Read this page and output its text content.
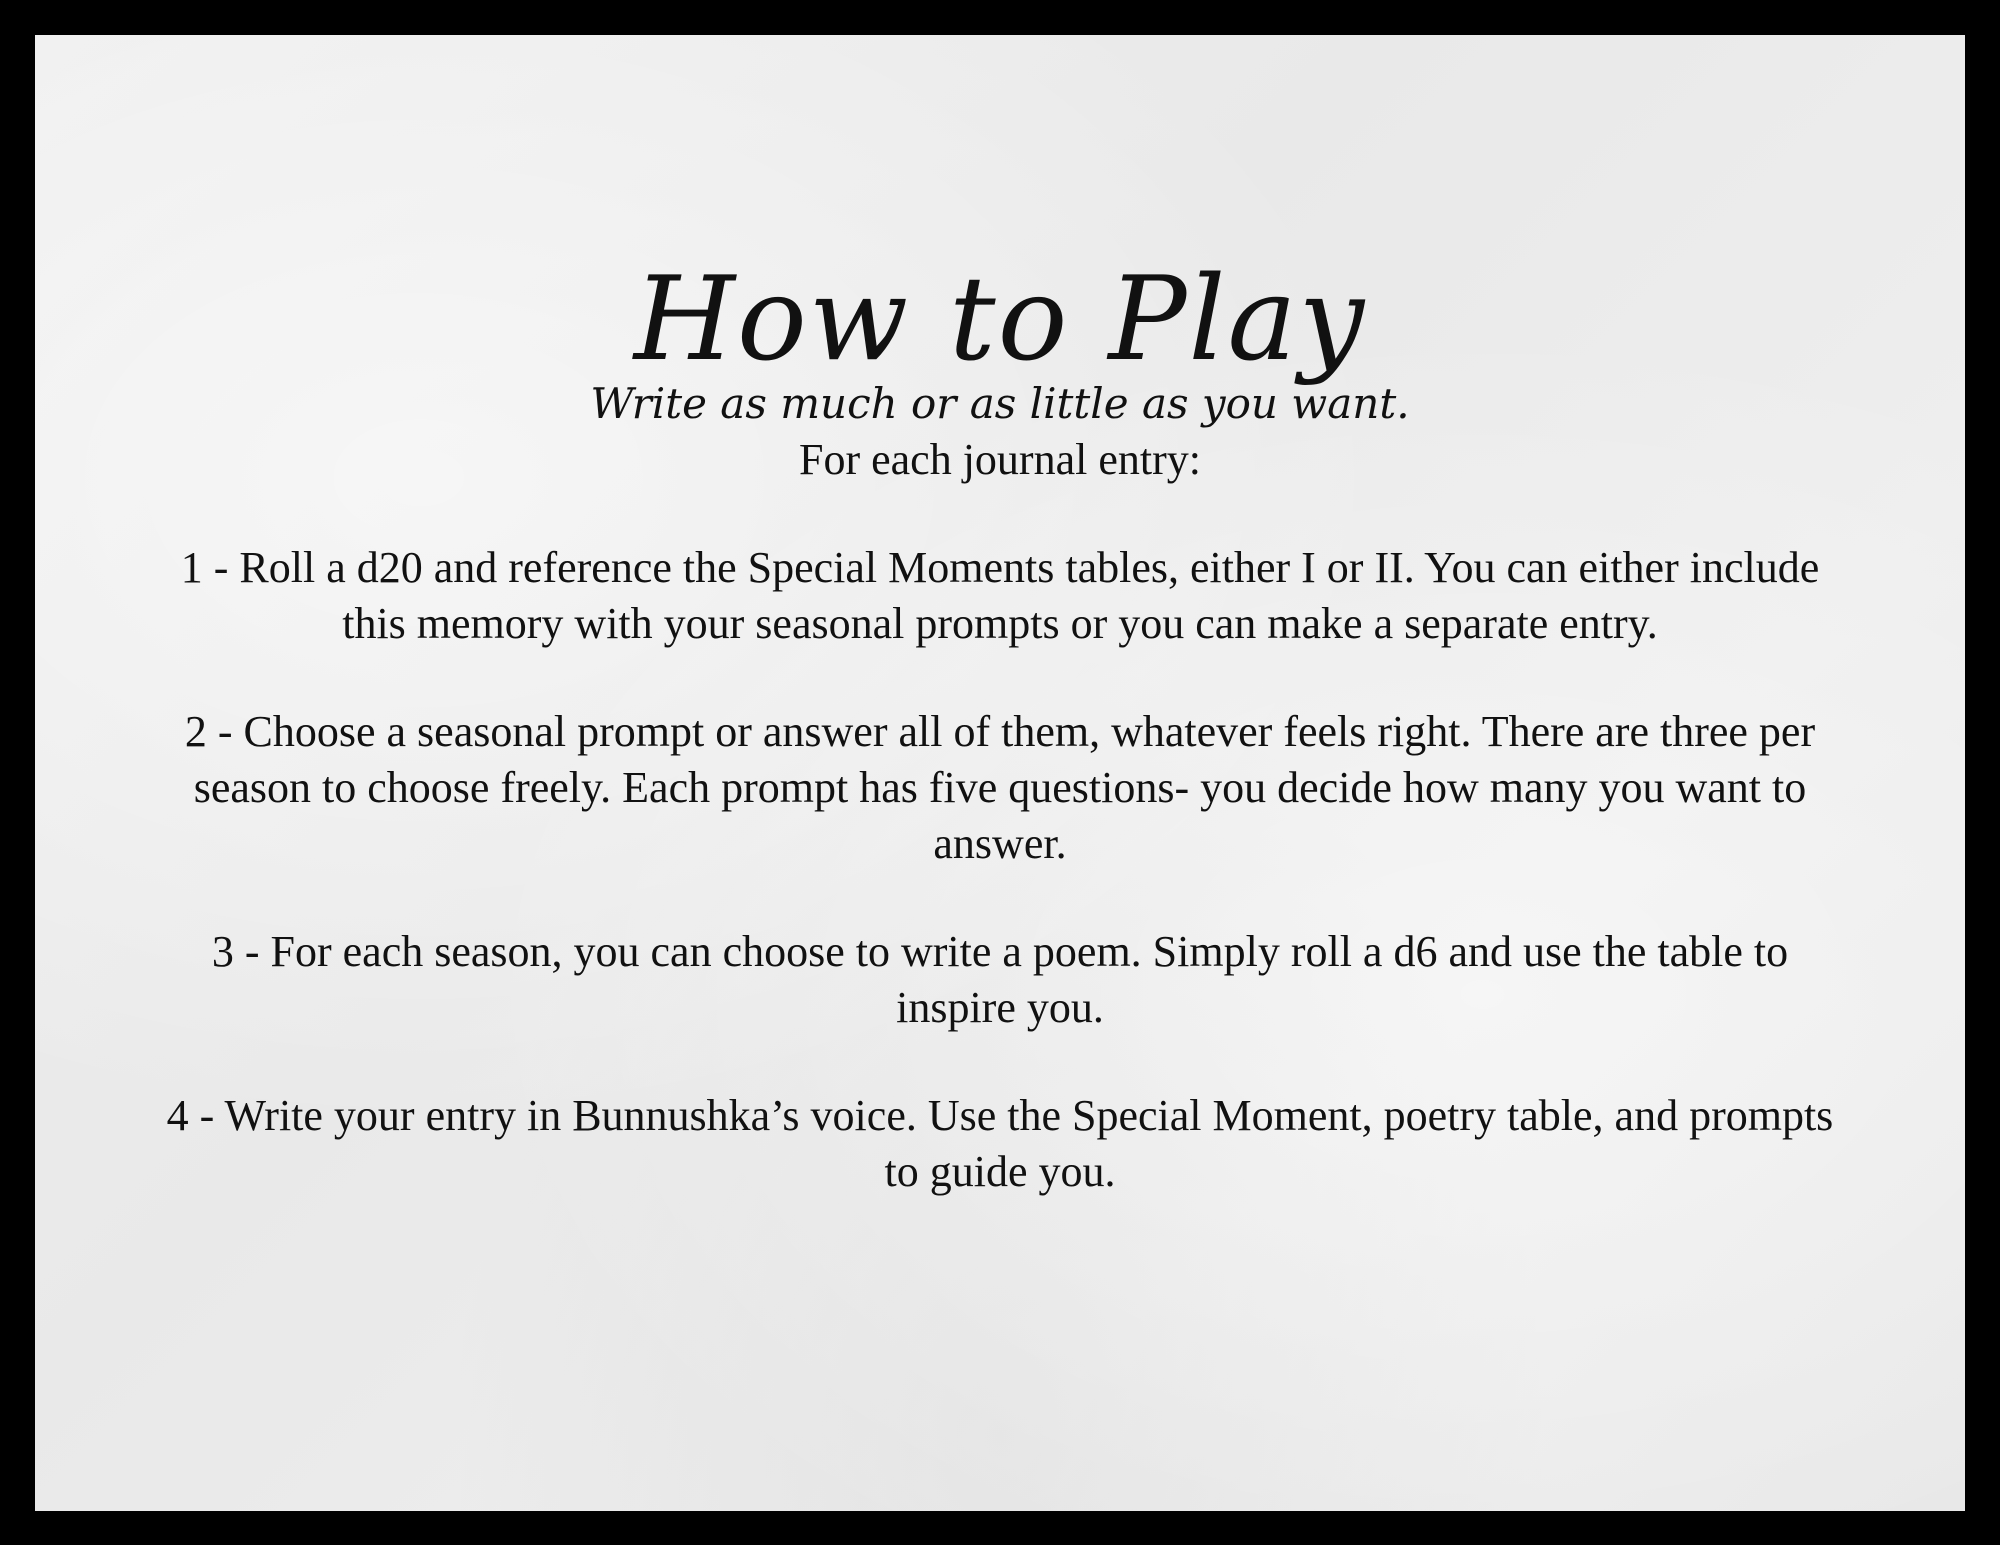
How to Play

Write as much or as little as you want.

For each journal entry:

1 - Roll a d20 and reference the Special Moments tables, either I or II. You can either include this memory with your seasonal prompts or you can make a separate entry.

2 - Choose a seasonal prompt or answer all of them, whatever feels right. There are three per season to choose freely. Each prompt has five questions- you decide how many you want to answer.

3 - For each season, you can choose to write a poem. Simply roll a d6 and use the table to inspire you.

4 - Write your entry in Bunnushka’s voice. Use the Special Moment, poetry table, and prompts to guide you.
